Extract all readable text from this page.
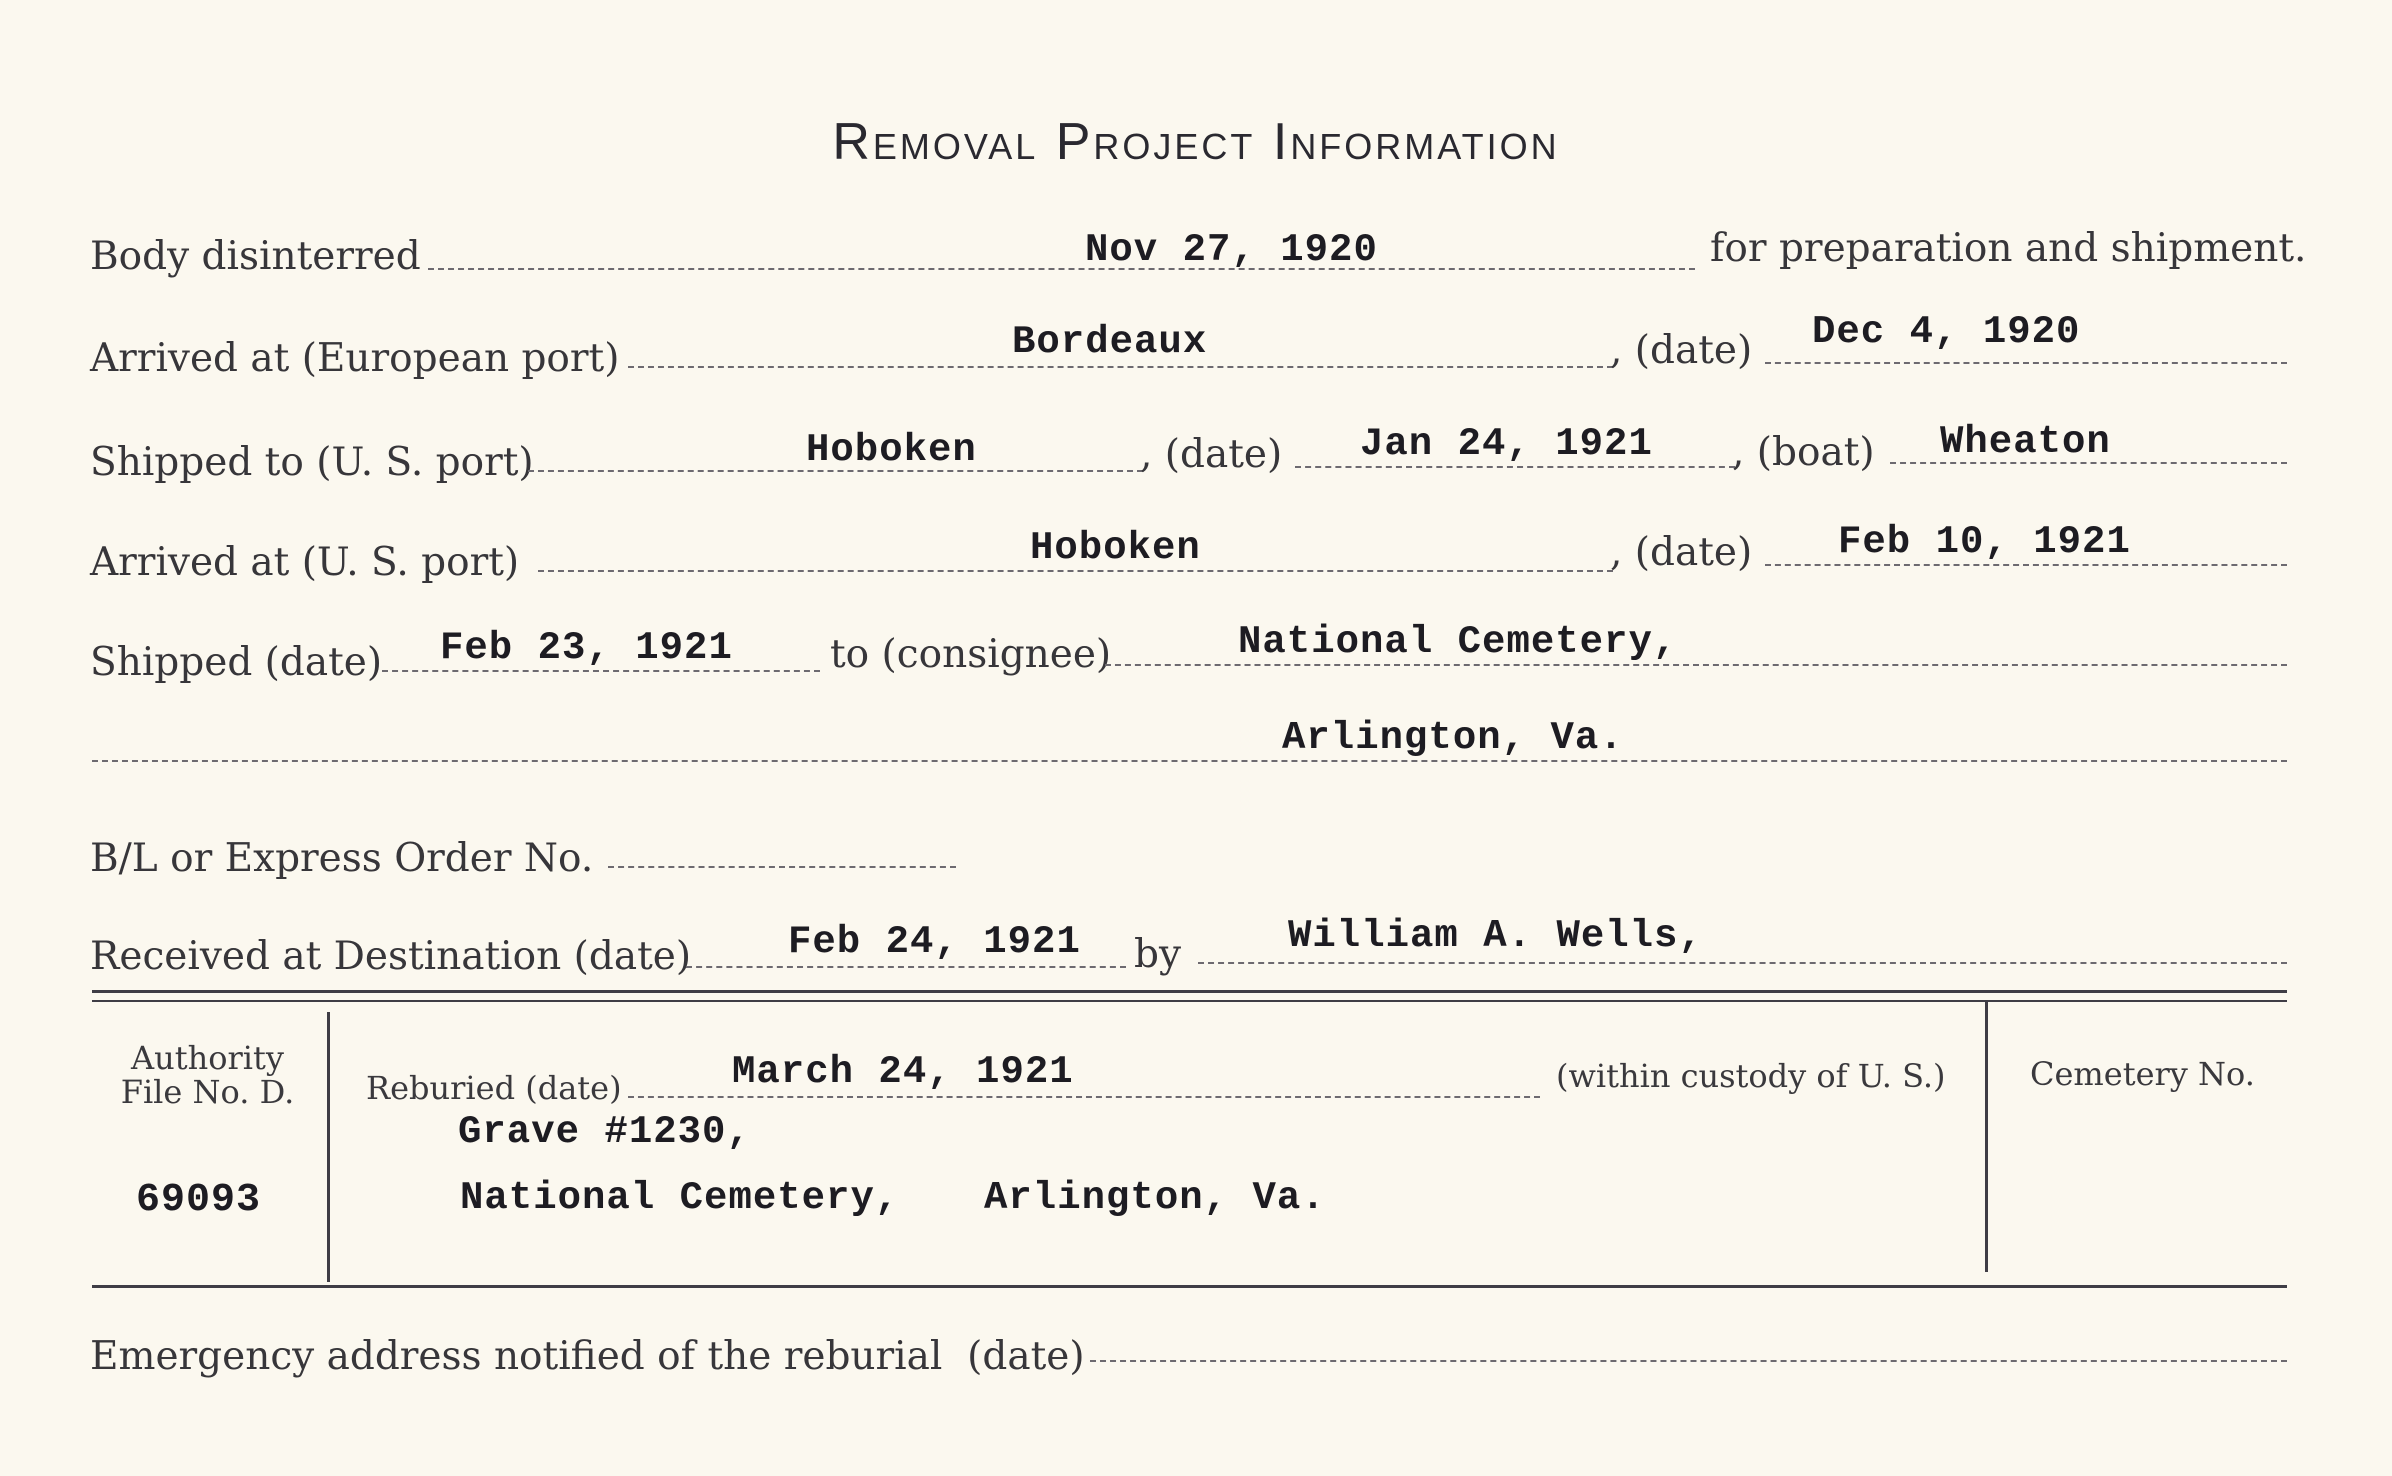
Removal Project Information
Body disinterred	Nov 27, 1920	for preparation and shipment.
Arrived at (European port)	Bordeaux	, (date) Dec 4, 1920
Shipped to (U. S. port)	Hoboken	, (date) Jan 24, 1921 , (boat) Wheaton
Arrived at (U. S. port)	Hoboken	, (date) Feb 10, 1921
Shipped (date) Feb 23, 1921 to (consignee)	National Cemetery,
Arlington, Va.
B/L or Express Order No.
Received at Destination (date) Feb 24, 1921 by	William A. Wells,
Authority
File No. D.
69093
Reburied (date)	March 24, 1921	(within custody of U. S.)
Grave #1230,
National Cemetery, Arlington, Va.
Cemetery No.
Emergency address notified of the reburial  (date)
